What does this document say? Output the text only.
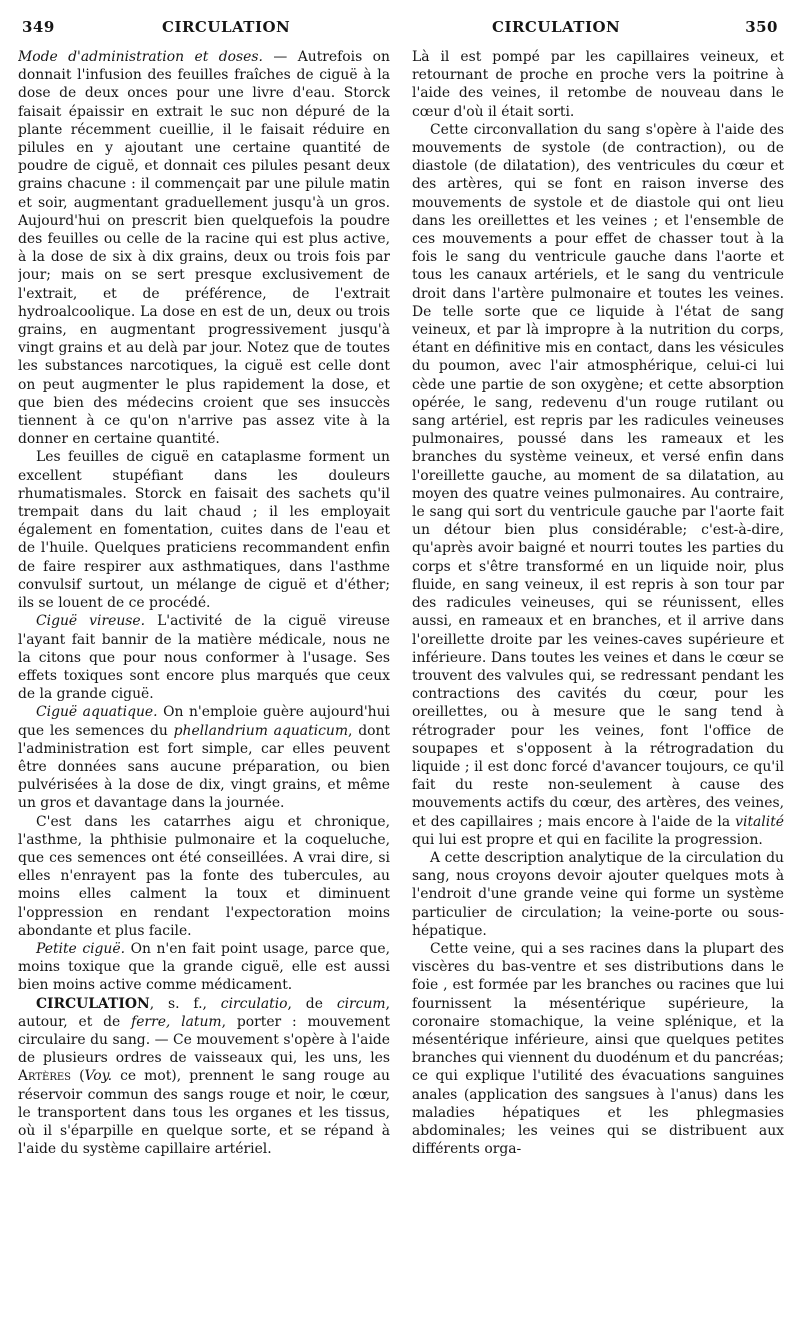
349	CIRCULATION	CIRCULATION	350

Mode d'administration et doses. — Autrefois on donnait l'infusion des feuilles fraîches de ciguë à la dose de deux onces pour une livre d'eau. Storck faisait épaissir en extrait le suc non dépuré de la plante récemment cueillie, il le faisait réduire en pilules en y ajoutant une certaine quantité de poudre de ciguë, et donnait ces pilules pesant deux grains chacune : il commençait par une pilule matin et soir, augmentant graduellement jusqu'à un gros. Aujourd'hui on prescrit bien quelquefois la poudre des feuilles ou celle de la racine qui est plus active, à la dose de six à dix grains, deux ou trois fois par jour; mais on se sert presque exclusivement de l'extrait, et de préférence, de l'extrait hydroalcoolique. La dose en est de un, deux ou trois grains, en augmentant progressivement jusqu'à vingt grains et au delà par jour. Notez que de toutes les substances narcotiques, la ciguë est celle dont on peut augmenter le plus rapidement la dose, et que bien des médecins croient que ses insuccès tiennent à ce qu'on n'arrive pas assez vite à la donner en certaine quantité.

Les feuilles de ciguë en cataplasme forment un excellent stupéfiant dans les douleurs rhumatismales. Storck en faisait des sachets qu'il trempait dans du lait chaud ; il les employait également en fomentation, cuites dans de l'eau et de l'huile. Quelques praticiens recommandent enfin de faire respirer aux asthmatiques, dans l'asthme convulsif surtout, un mélange de ciguë et d'éther; ils se louent de ce procédé.

Ciguë vireuse. L'activité de la ciguë vireuse l'ayant fait bannir de la matière médicale, nous ne la citons que pour nous conformer à l'usage. Ses effets toxiques sont encore plus marqués que ceux de la grande ciguë.

Ciguë aquatique. On n'emploie guère aujourd'hui que les semences du phellandrium aquaticum, dont l'administration est fort simple, car elles peuvent être données sans aucune préparation, ou bien pulvérisées à la dose de dix, vingt grains, et même un gros et davantage dans la journée.

C'est dans les catarrhes aigu et chronique, l'asthme, la phthisie pulmonaire et la coqueluche, que ces semences ont été conseillées. A vrai dire, si elles n'enrayent pas la fonte des tubercules, au moins elles calment la toux et diminuent l'oppression en rendant l'expectoration moins abondante et plus facile.

Petite ciguë. On n'en fait point usage, parce que, moins toxique que la grande ciguë, elle est aussi bien moins active comme médicament.

CIRCULATION, s. f., circulatio, de circum, autour, et de ferre, latum, porter : mouvement circulaire du sang. — Ce mouvement s'opère à l'aide de plusieurs ordres de vaisseaux qui, les uns, les Artères (Voy. ce mot), prennent le sang rouge au réservoir commun des sangs rouge et noir, le cœur, le transportent dans tous les organes et les tissus, où il s'éparpille en quelque sorte, et se répand à l'aide du système capillaire artériel.

Là il est pompé par les capillaires veineux, et retournant de proche en proche vers la poitrine à l'aide des veines, il retombe de nouveau dans le cœur d'où il était sorti.

Cette circonvallation du sang s'opère à l'aide des mouvements de systole (de contraction), ou de diastole (de dilatation), des ventricules du cœur et des artères, qui se font en raison inverse des mouvements de systole et de diastole qui ont lieu dans les oreillettes et les veines ; et l'ensemble de ces mouvements a pour effet de chasser tout à la fois le sang du ventricule gauche dans l'aorte et tous les canaux artériels, et le sang du ventricule droit dans l'artère pulmonaire et toutes les veines. De telle sorte que ce liquide à l'état de sang veineux, et par là impropre à la nutrition du corps, étant en définitive mis en contact, dans les vésicules du poumon, avec l'air atmosphérique, celui-ci lui cède une partie de son oxygène; et cette absorption opérée, le sang, redevenu d'un rouge rutilant ou sang artériel, est repris par les radicules veineuses pulmonaires, poussé dans les rameaux et les branches du système veineux, et versé enfin dans l'oreillette gauche, au moment de sa dilatation, au moyen des quatre veines pulmonaires. Au contraire, le sang qui sort du ventricule gauche par l'aorte fait un détour bien plus considérable; c'est-à-dire, qu'après avoir baigné et nourri toutes les parties du corps et s'être transformé en un liquide noir, plus fluide, en sang veineux, il est repris à son tour par des radicules veineuses, qui se réunissent, elles aussi, en rameaux et en branches, et il arrive dans l'oreillette droite par les veines-caves supérieure et inférieure. Dans toutes les veines et dans le cœur se trouvent des valvules qui, se redressant pendant les contractions des cavités du cœur, pour les oreillettes, ou à mesure que le sang tend à rétrograder pour les veines, font l'office de soupapes et s'opposent à la rétrogradation du liquide ; il est donc forcé d'avancer toujours, ce qu'il fait du reste non-seulement à cause des mouvements actifs du cœur, des artères, des veines, et des capillaires ; mais encore à l'aide de la vitalité qui lui est propre et qui en facilite la progression.

A cette description analytique de la circulation du sang, nous croyons devoir ajouter quelques mots à l'endroit d'une grande veine qui forme un système particulier de circulation; la veine-porte ou sous-hépatique.

Cette veine, qui a ses racines dans la plupart des viscères du bas-ventre et ses distributions dans le foie , est formée par les branches ou racines que lui fournissent la mésentérique supérieure, la coronaire stomachique, la veine splénique, et la mésentérique inférieure, ainsi que quelques petites branches qui viennent du duodénum et du pancréas; ce qui explique l'utilité des évacuations sanguines anales (application des sangsues à l'anus) dans les maladies hépatiques et les phlegmasies abdominales; les veines qui se distribuent aux différents orga-
